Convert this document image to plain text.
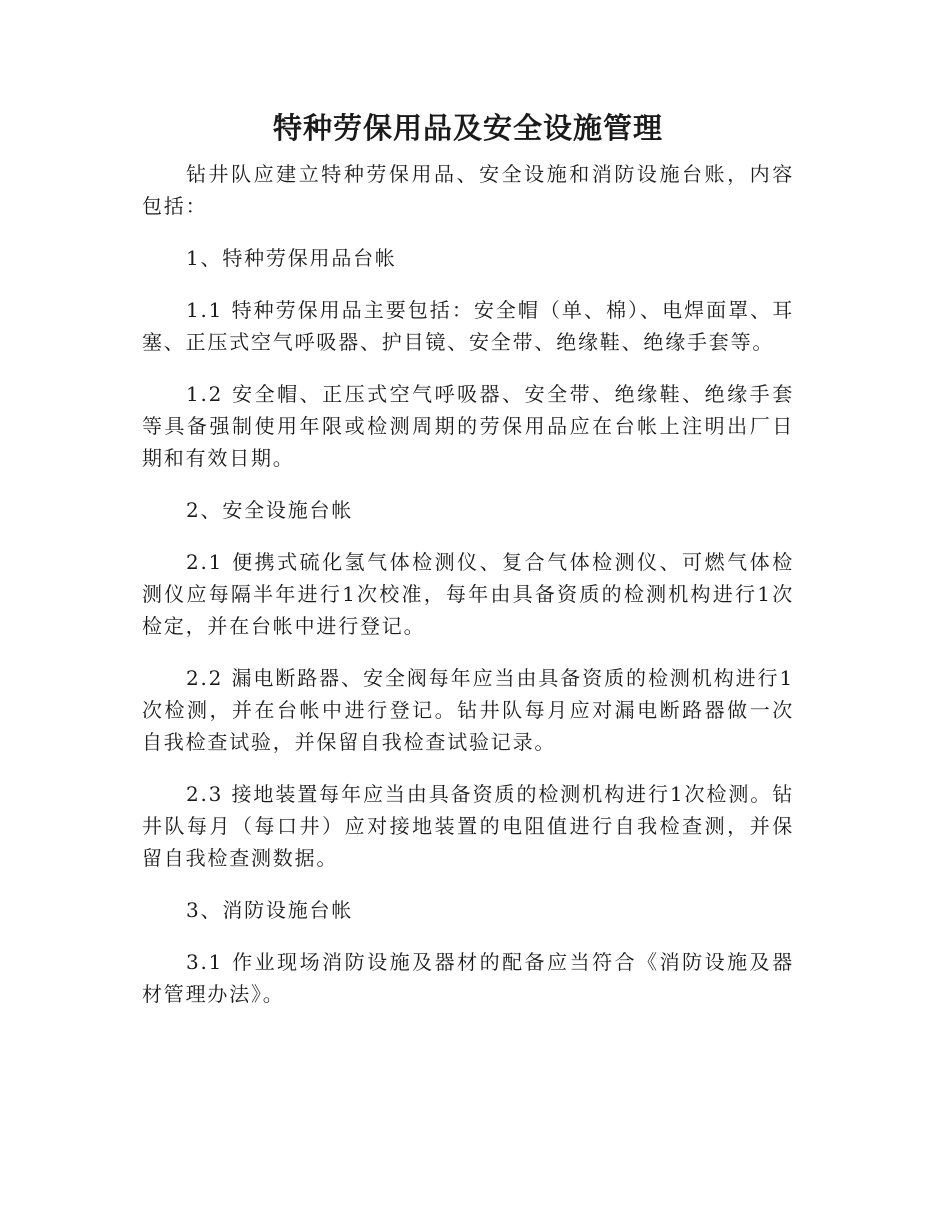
特种劳保用品及安全设施管理

钻井队应建立特种劳保用品、安全设施和消防设施台账，内容包括：

1、特种劳保用品台帐

1.1 特种劳保用品主要包括：安全帽（单、棉）、电焊面罩、耳塞、正压式空气呼吸器、护目镜、安全带、绝缘鞋、绝缘手套等。

1.2 安全帽、正压式空气呼吸器、安全带、绝缘鞋、绝缘手套等具备强制使用年限或检测周期的劳保用品应在台帐上注明出厂日期和有效日期。

2、安全设施台帐

2.1 便携式硫化氢气体检测仪、复合气体检测仪、可燃气体检测仪应每隔半年进行1次校准，每年由具备资质的检测机构进行1次检定，并在台帐中进行登记。

2.2 漏电断路器、安全阀每年应当由具备资质的检测机构进行1次检测，并在台帐中进行登记。钻井队每月应对漏电断路器做一次自我检查试验，并保留自我检查试验记录。

2.3 接地装置每年应当由具备资质的检测机构进行1次检测。钻井队每月（每口井）应对接地装置的电阻值进行自我检查测，并保留自我检查测数据。

3、消防设施台帐

3.1 作业现场消防设施及器材的配备应当符合《消防设施及器材管理办法》。
